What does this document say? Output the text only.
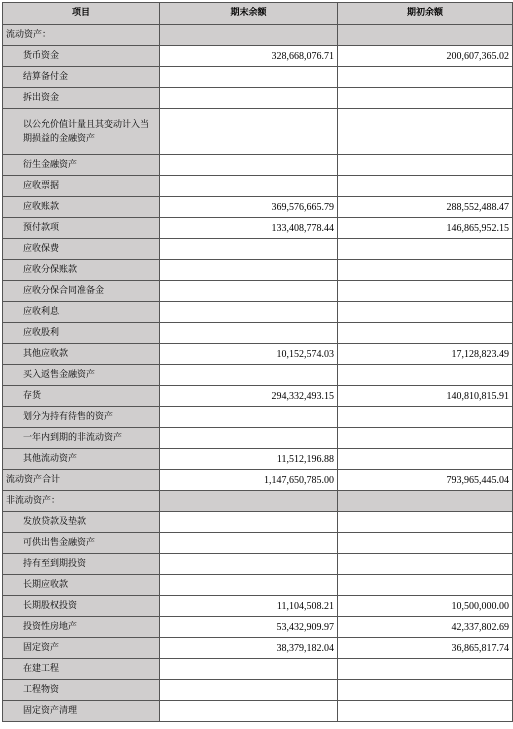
项目	期末余额	期初余额
流动资产：		
货币资金	328,668,076.71	200,607,365.02
结算备付金		
拆出资金		
以公允价值计量且其变动计入当期损益的金融资产		
衍生金融资产		
应收票据		
应收账款	369,576,665.79	288,552,488.47
预付款项	133,408,778.44	146,865,952.15
应收保费		
应收分保账款		
应收分保合同准备金		
应收利息		
应收股利		
其他应收款	10,152,574.03	17,128,823.49
买入返售金融资产		
存货	294,332,493.15	140,810,815.91
划分为持有待售的资产		
一年内到期的非流动资产		
其他流动资产	11,512,196.88	
流动资产合计	1,147,650,785.00	793,965,445.04
非流动资产：		
发放贷款及垫款		
可供出售金融资产		
持有至到期投资		
长期应收款		
长期股权投资	11,104,508.21	10,500,000.00
投资性房地产	53,432,909.97	42,337,802.69
固定资产	38,379,182.04	36,865,817.74
在建工程		
工程物资		
固定资产清理		
